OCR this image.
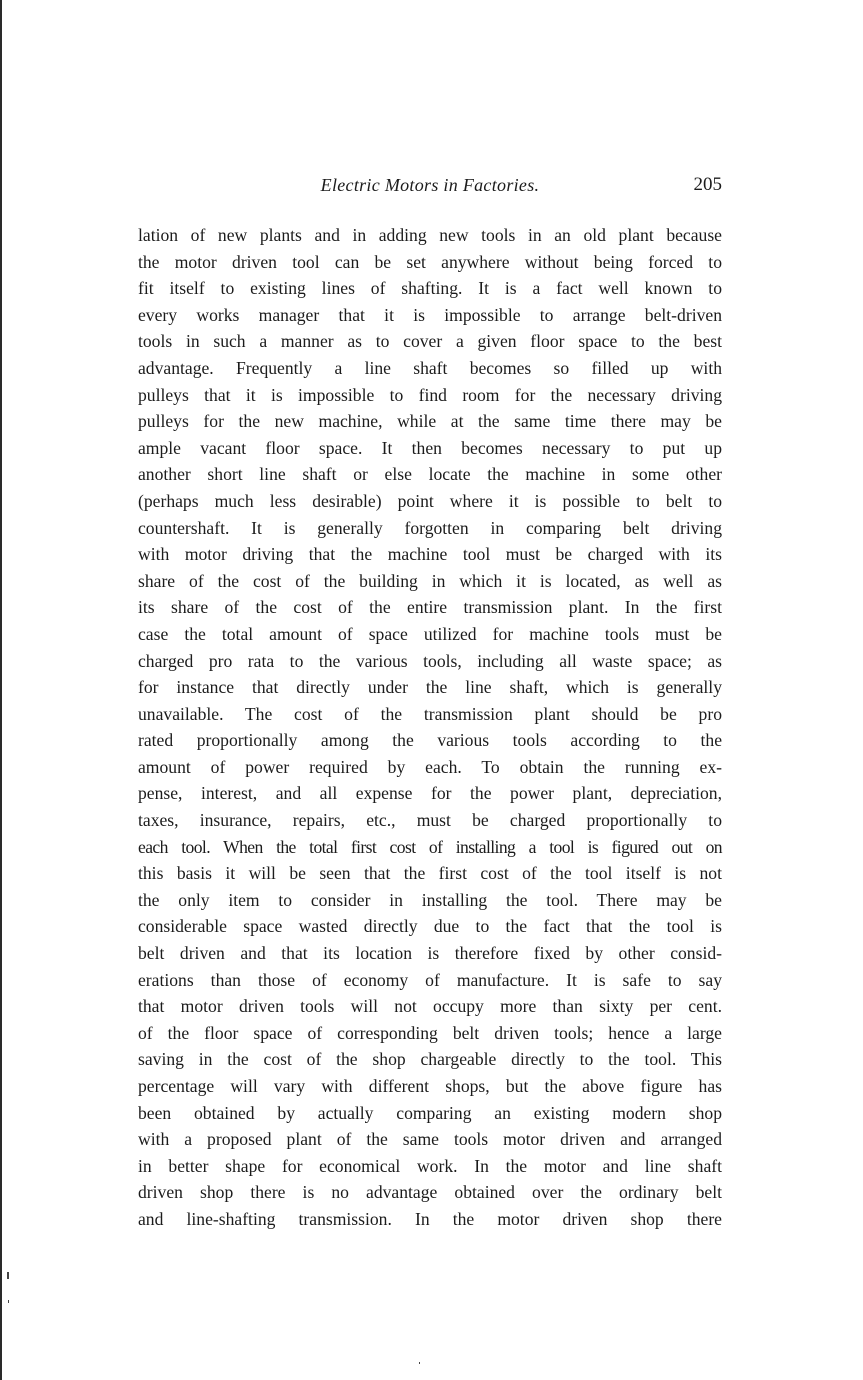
Electric Motors in Factories.	205
lation of new plants and in adding new tools in an old plant because
the motor driven tool can be set anywhere without being forced to
fit itself to existing lines of shafting. It is a fact well known to
every works manager that it is impossible to arrange belt-driven
tools in such a manner as to cover a given floor space to the best
advantage. Frequently a line shaft becomes so filled up with
pulleys that it is impossible to find room for the necessary driving
pulleys for the new machine, while at the same time there may be
ample vacant floor space. It then becomes necessary to put up
another short line shaft or else locate the machine in some other
(perhaps much less desirable) point where it is possible to belt to
countershaft. It is generally forgotten in comparing belt driving
with motor driving that the machine tool must be charged with its
share of the cost of the building in which it is located, as well as
its share of the cost of the entire transmission plant. In the first
case the total amount of space utilized for machine tools must be
charged pro rata to the various tools, including all waste space; as
for instance that directly under the line shaft, which is generally
unavailable. The cost of the transmission plant should be pro
rated proportionally among the various tools according to the
amount of power required by each. To obtain the running ex-
pense, interest, and all expense for the power plant, depreciation,
taxes, insurance, repairs, etc., must be charged proportionally to
each tool. When the total first cost of installing a tool is figured out on
this basis it will be seen that the first cost of the tool itself is not
the only item to consider in installing the tool. There may be
considerable space wasted directly due to the fact that the tool is
belt driven and that its location is therefore fixed by other consid-
erations than those of economy of manufacture. It is safe to say
that motor driven tools will not occupy more than sixty per cent.
of the floor space of corresponding belt driven tools; hence a large
saving in the cost of the shop chargeable directly to the tool. This
percentage will vary with different shops, but the above figure has
been obtained by actually comparing an existing modern shop
with a proposed plant of the same tools motor driven and arranged
in better shape for economical work. In the motor and line shaft
driven shop there is no advantage obtained over the ordinary belt
and line-shafting transmission. In the motor driven shop there
